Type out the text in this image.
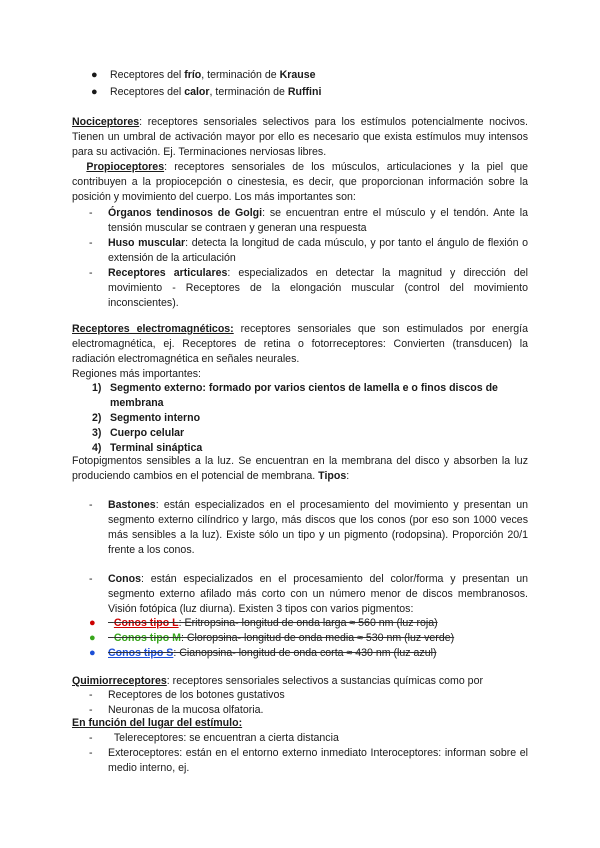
● Receptores del frío, terminación de Krause
● Receptores del calor, terminación de Ruffini
Nociceptores: receptores sensoriales selectivos para los estímulos potencialmente nocivos. Tienen un umbral de activación mayor por ello es necesario que exista estímulos muy intensos para su activación. Ej. Terminaciones nerviosas libres.
Propioceptores: receptores sensoriales de los músculos, articulaciones y la piel que contribuyen a la propiocepción o cinestesia, es decir, que proporcionan información sobre la posición y movimiento del cuerpo. Los más importantes son:
- Órganos tendinosos de Golgi: se encuentran entre el músculo y el tendón. Ante la tensión muscular se contraen y generan una respuesta
- Huso muscular: detecta la longitud de cada músculo, y por tanto el ángulo de flexión o extensión de la articulación
- Receptores articulares: especializados en detectar la magnitud y dirección del movimiento - Receptores de la elongación muscular (control del movimiento inconscientes).
Receptores electromagnéticos: receptores sensoriales que son estimulados por energía electromagnética, ej. Receptores de retina o fotorreceptores: Convierten (transducen) la radiación electromagnética en señales neurales.
Regiones más importantes:
1) Segmento externo: formado por varios cientos de lamella e o finos discos de membrana
2) Segmento interno
3) Cuerpo celular
4) Terminal sináptica
Fotopigmentos sensibles a la luz. Se encuentran en la membrana del disco y absorben la luz produciendo cambios en el potencial de membrana. Tipos:
- Bastones: están especializados en el procesamiento del movimiento y presentan un segmento externo cilíndrico y largo, más discos que los conos (por eso son 1000 veces más sensibles a la luz). Existe sólo un tipo y un pigmento (rodopsina). Proporción 20/1 frente a los conos.
- Conos: están especializados en el procesamiento del color/forma y presentan un segmento externo afilado más corto con un número menor de discos membranosos. Visión fotópica (luz diurna). Existen 3 tipos con varios pigmentos:
● Conos tipo L: Eritropsina- longitud de onda larga ≈ 560 nm (luz roja)
● Conos tipo M: Cloropsina- longitud de onda media ≈ 530 nm (luz verde)
● Conos tipo S: Cianopsina- longitud de onda corta ≈ 430 nm (luz azul)
Quimiorreceptores: receptores sensoriales selectivos a sustancias químicas como por
- Receptores de los botones gustativos
- Neuronas de la mucosa olfatoria.
En función del lugar del estímulo:
- Telereceptores: se encuentran a cierta distancia
- Exteroceptores: están en el entorno externo inmediato Interoceptores: informan sobre el medio interno, ej.
